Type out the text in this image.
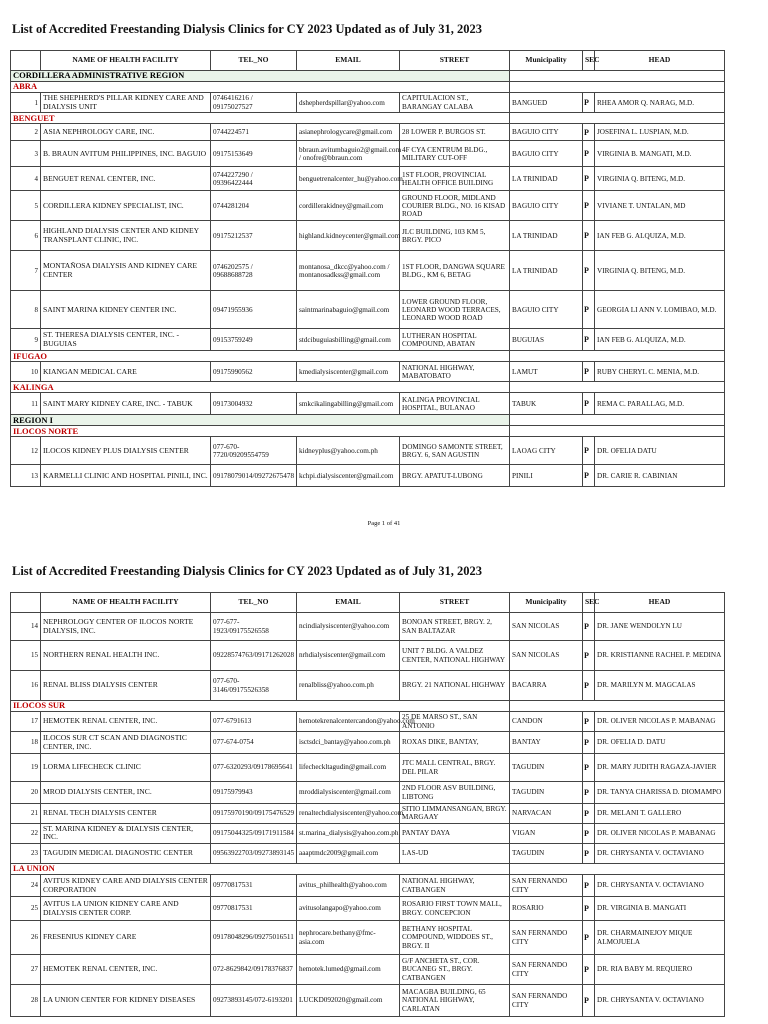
List of Accredited Freestanding Dialysis Clinics for CY 2023 Updated as of July 31, 2023
	NAME OF HEALTH FACILITY	TEL_NO	EMAIL	STREET	Municipality	SEC	HEAD
CORDILLERA ADMINISTRATIVE REGION							
ABRA							
1	THE SHEPHERD'S PILLAR KIDNEY CARE AND DIALYSIS UNIT	0746416216 / 09175027527	dshepherdspillar@yahoo.com	CAPITULACION ST., BARANGAY CALABA	BANGUED	P	RHEA AMOR Q. NARAG, M.D.
BENGUET							
2	ASIA NEPHROLOGY CARE, INC.	0744224571	asianephrologycare@gmail.com	28 LOWER P. BURGOS ST.	BAGUIO CITY	P	JOSEFINA L. LUSPIAN, M.D.
3	B. BRAUN AVITUM PHILIPPINES, INC. BAGUIO	09175153649	bbraun.avitumbaguio2@gmail.com / onofre@bbraun.com	4F CYA CENTRUM BLDG., MILITARY CUT-OFF	BAGUIO CITY	P	VIRGINIA B. MANGATI, M.D.
4	BENGUET RENAL CENTER, INC.	0744227290 / 09396422444	benguetrenalcenter_hu@yahoo.com	1ST FLOOR, PROVINCIAL HEALTH OFFICE BUILDING	LA TRINIDAD	P	VIRGINIA Q. BITENG, M.D.
5	CORDILLERA KIDNEY SPECIALIST, INC.	0744281204	cordillerakidney@gmail.com	GROUND FLOOR, MIDLAND COURIER BLDG., NO. 16 KISAD ROAD	BAGUIO CITY	P	VIVIANE T. UNTALAN, MD
6	HIGHLAND DIALYSIS CENTER AND KIDNEY TRANSPLANT CLINIC, INC.	09175212537	highland.kidneycenter@gmail.com	JLC BUILDING, 103 KM 5, BRGY. PICO	LA TRINIDAD	P	IAN FEB G. ALQUIZA, M.D.
7	MONTAÑOSA DIALYSIS AND KIDNEY CARE CENTER	0746202575 / 09688688728	montanosa_dkcc@yahoo.com / montanosadkss@gmail.com	1ST FLOOR, DANGWA SQUARE BLDG., KM 6, BETAG	LA TRINIDAD	P	VIRGINIA Q. BITENG, M.D.
8	SAINT MARINA KIDNEY CENTER INC.	09471955936	saintmarinabaguio@gmail.com	LOWER GROUND FLOOR, LEONARD WOOD TERRACES, LEONARD WOOD ROAD	BAGUIO CITY	P	GEORGIA LI ANN V. LOMIBAO, M.D.
9	ST. THERESA DIALYSIS CENTER, INC. - BUGUIAS	09153759249	stdcibuguiasbilling@gmail.com	LUTHERAN HOSPITAL COMPOUND, ABATAN	BUGUIAS	P	IAN FEB G. ALQUIZA, M.D.
IFUGAO							
10	KIANGAN MEDICAL CARE	09175990562	kmedialysiscenter@gmail.com	NATIONAL HIGHWAY, MABATOBATO	LAMUT	P	RUBY CHERYL C. MENIA, M.D.
KALINGA							
11	SAINT MARY KIDNEY CARE, INC. - TABUK	09173004932	smkcikalingabilling@gmail.com	KALINGA PROVINCIAL HOSPITAL, BULANAO	TABUK	P	REMA C. PARALLAG, M.D.
REGION I							
ILOCOS NORTE							
12	ILOCOS KIDNEY PLUS DIALYSIS CENTER	077-670-7720/09209554759	kidneyplus@yahoo.com.ph	DOMINGO SAMONTE STREET, BRGY. 6, SAN AGUSTIN	LAOAG CITY	P	DR. OFELIA DATU
13	KARMELLI CLINIC AND HOSPITAL PINILI, INC.	09178079014/09272675478	kchpi.dialysiscenter@gmail.com	BRGY. APATUT-LUBONG	PINILI	P	DR. CARIE R. CABINIAN
Page 1 of 41
List of Accredited Freestanding Dialysis Clinics for CY 2023 Updated as of July 31, 2023
	NAME OF HEALTH FACILITY	TEL_NO	EMAIL	STREET	Municipality	SEC	HEAD
14	NEPHROLOGY CENTER OF ILOCOS NORTE DIALYSIS, INC.	077-677-1923/09175526558	ncindialysiscenter@yahoo.com	BONOAN STREET, BRGY. 2, SAN BALTAZAR	SAN NICOLAS	P	DR. JANE WENDOLYN LU
15	NORTHERN RENAL HEALTH INC.	09228574763/09171262028	nrhdialysiscenter@gmail.com	UNIT 7 BLDG. A VALDEZ CENTER, NATIONAL HIGHWAY	SAN NICOLAS	P	DR. KRISTIANNE RACHEL P. MEDINA
16	RENAL BLISS DIALYSIS CENTER	077-670-3146/09175526358	renalbliss@yahoo.com.ph	BRGY. 21 NATIONAL HIGHWAY	BACARRA	P	DR. MARILYN M. MAGCALAS
ILOCOS SUR							
17	HEMOTEK RENAL CENTER, INC.	077-6791613	hemotekrenalcentercandon@yahoo.com	25 DE MARSO ST., SAN ANTONIO	CANDON	P	DR. OLIVER NICOLAS P. MABANAG
18	ILOCOS SUR CT SCAN AND DIAGNOSTIC CENTER, INC.	077-674-0754	isctsdci_bantay@yahoo.com.ph	ROXAS DIKE, BANTAY,	BANTAY	P	DR. OFELIA D. DATU
19	LORMA LIFECHECK CLINIC	077-6320293/09178695641	lifecheckltagudin@gmail.com	JTC MALL CENTRAL, BRGY. DEL PILAR	TAGUDIN	P	DR. MARY JUDITH RAGAZA-JAVIER
20	MROD DIALYSIS CENTER, INC.	09175979943	mroddialysiscenter@gmail.com	2ND FLOOR ASV BUILDING, LIBTONG	TAGUDIN	P	DR. TANYA CHARISSA D. DIOMAMPO
21	RENAL TECH DIALYSIS CENTER	09175970190/09175476529	renaltechdialysiscenter@yahoo.com	SITIO LIMMANSANGAN, BRGY. MARGAAY	NARVACAN	P	DR. MELANI T. GALLERO
22	ST. MARINA KIDNEY & DIALYSIS CENTER, INC.	09175044325/09171911584	st.marina_dialysis@yahoo.com.ph	PANTAY DAYA	VIGAN	P	DR. OLIVER NICOLAS P. MABANAG
23	TAGUDIN MEDICAL DIAGNOSTIC CENTER	09563922703/09273893145	aaaptmdc2009@gmail.com	LAS-UD	TAGUDIN	P	DR. CHRYSANTA V. OCTAVIANO
LA UNION							
24	AVITUS KIDNEY CARE AND DIALYSIS CENTER CORPORATION	09770817531	avitus_philhealth@yahoo.com	NATIONAL HIGHWAY, CATBANGEN	SAN FERNANDO CITY	P	DR. CHRYSANTA V. OCTAVIANO
25	AVITUS LA UNION KIDNEY CARE AND DIALYSIS CENTER CORP.	09770817531	avitusolangapo@yahoo.com	ROSARIO FIRST TOWN MALL, BRGY. CONCEPCION	ROSARIO	P	DR. VIRGINIA B. MANGATI
26	FRESENIUS KIDNEY CARE	09178048296/09275016511	nephrocare.bethany@fmc-asia.com	BETHANY HOSPITAL COMPOUND, WIDDOES ST., BRGY. II	SAN FERNANDO CITY	P	DR. CHARMAINEJOY MIQUE ALMOJUELA
27	HEMOTEK RENAL CENTER, INC.	072-8629842/09178376837	hemotek.lumed@gmail.com	G/F ANCHETA ST., COR. BUCANEG ST., BRGY. CATBANGEN	SAN FERNANDO CITY	P	DR. RIA BABY M. REQUIERO
28	LA UNION CENTER FOR KIDNEY DISEASES	09273893145/072-6193201	LUCKD092020@gmail.com	MACAGBA BUILDING, 65 NATIONAL HIGHWAY, CARLATAN	SAN FERNANDO CITY	P	DR. CHRYSANTA V. OCTAVIANO
